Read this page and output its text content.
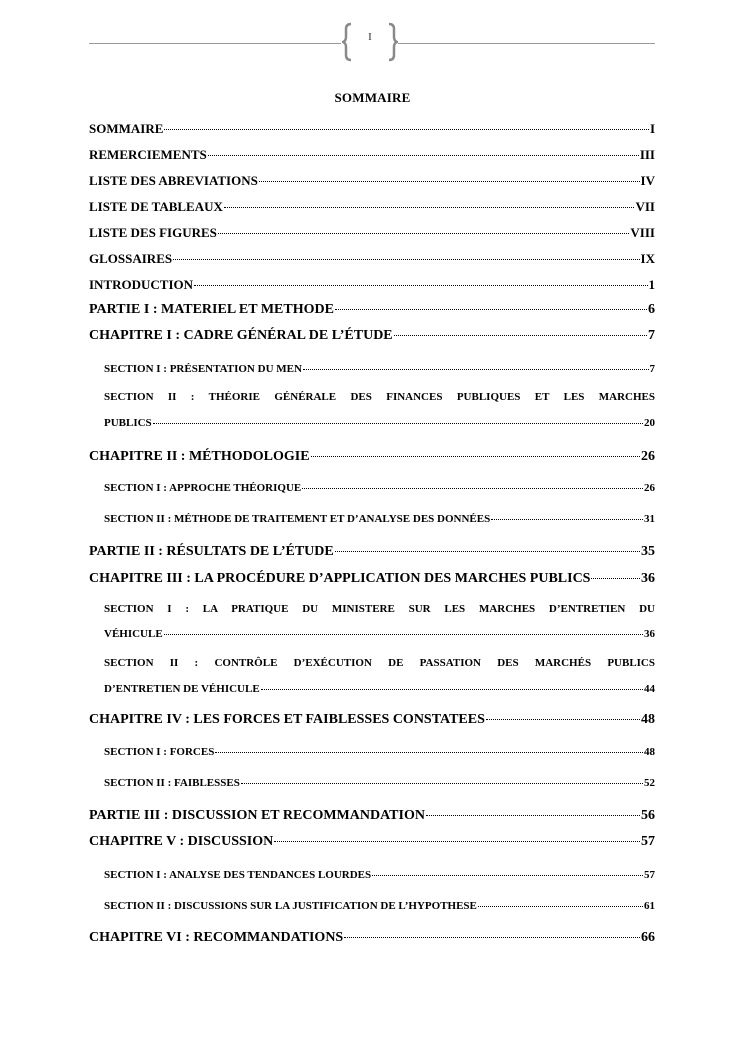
I
SOMMAIRE
SOMMAIRE	I
REMERCIEMENTS	III
LISTE DES ABREVIATIONS	IV
LISTE DE TABLEAUX	VII
LISTE DES FIGURES	VIII
GLOSSAIRES	IX
INTRODUCTION	1
PARTIE I : MATERIEL ET METHODE	6
CHAPITRE I : CADRE GÉNÉRAL DE L’ÉTUDE	7
SECTION I : PRÉSENTATION DU MEN	7
SECTION II : THÉORIE GÉNÉRALE DES FINANCES PUBLIQUES ET LES MARCHES
PUBLICS	20
CHAPITRE II : MÉTHODOLOGIE	26
SECTION I : APPROCHE THÉORIQUE	26
SECTION II : MÉTHODE DE TRAITEMENT ET D’ANALYSE DES DONNÉES	31
PARTIE II : RÉSULTATS DE L’ÉTUDE	35
CHAPITRE III : LA PROCÉDURE D’APPLICATION DES MARCHES PUBLICS	36
SECTION I : LA PRATIQUE DU MINISTERE SUR LES MARCHES D’ENTRETIEN DU
VÉHICULE	36
SECTION II : CONTRÔLE D’EXÉCUTION DE PASSATION DES MARCHÉS PUBLICS
D’ENTRETIEN DE VÉHICULE	44
CHAPITRE IV : LES FORCES ET FAIBLESSES CONSTATEES	48
SECTION I : FORCES	48
SECTION II : FAIBLESSES	52
PARTIE III : DISCUSSION ET RECOMMANDATION	56
CHAPITRE V : DISCUSSION	57
SECTION I : ANALYSE DES TENDANCES LOURDES	57
SECTION II : DISCUSSIONS SUR LA JUSTIFICATION DE L’HYPOTHESE	61
CHAPITRE VI : RECOMMANDATIONS	66
